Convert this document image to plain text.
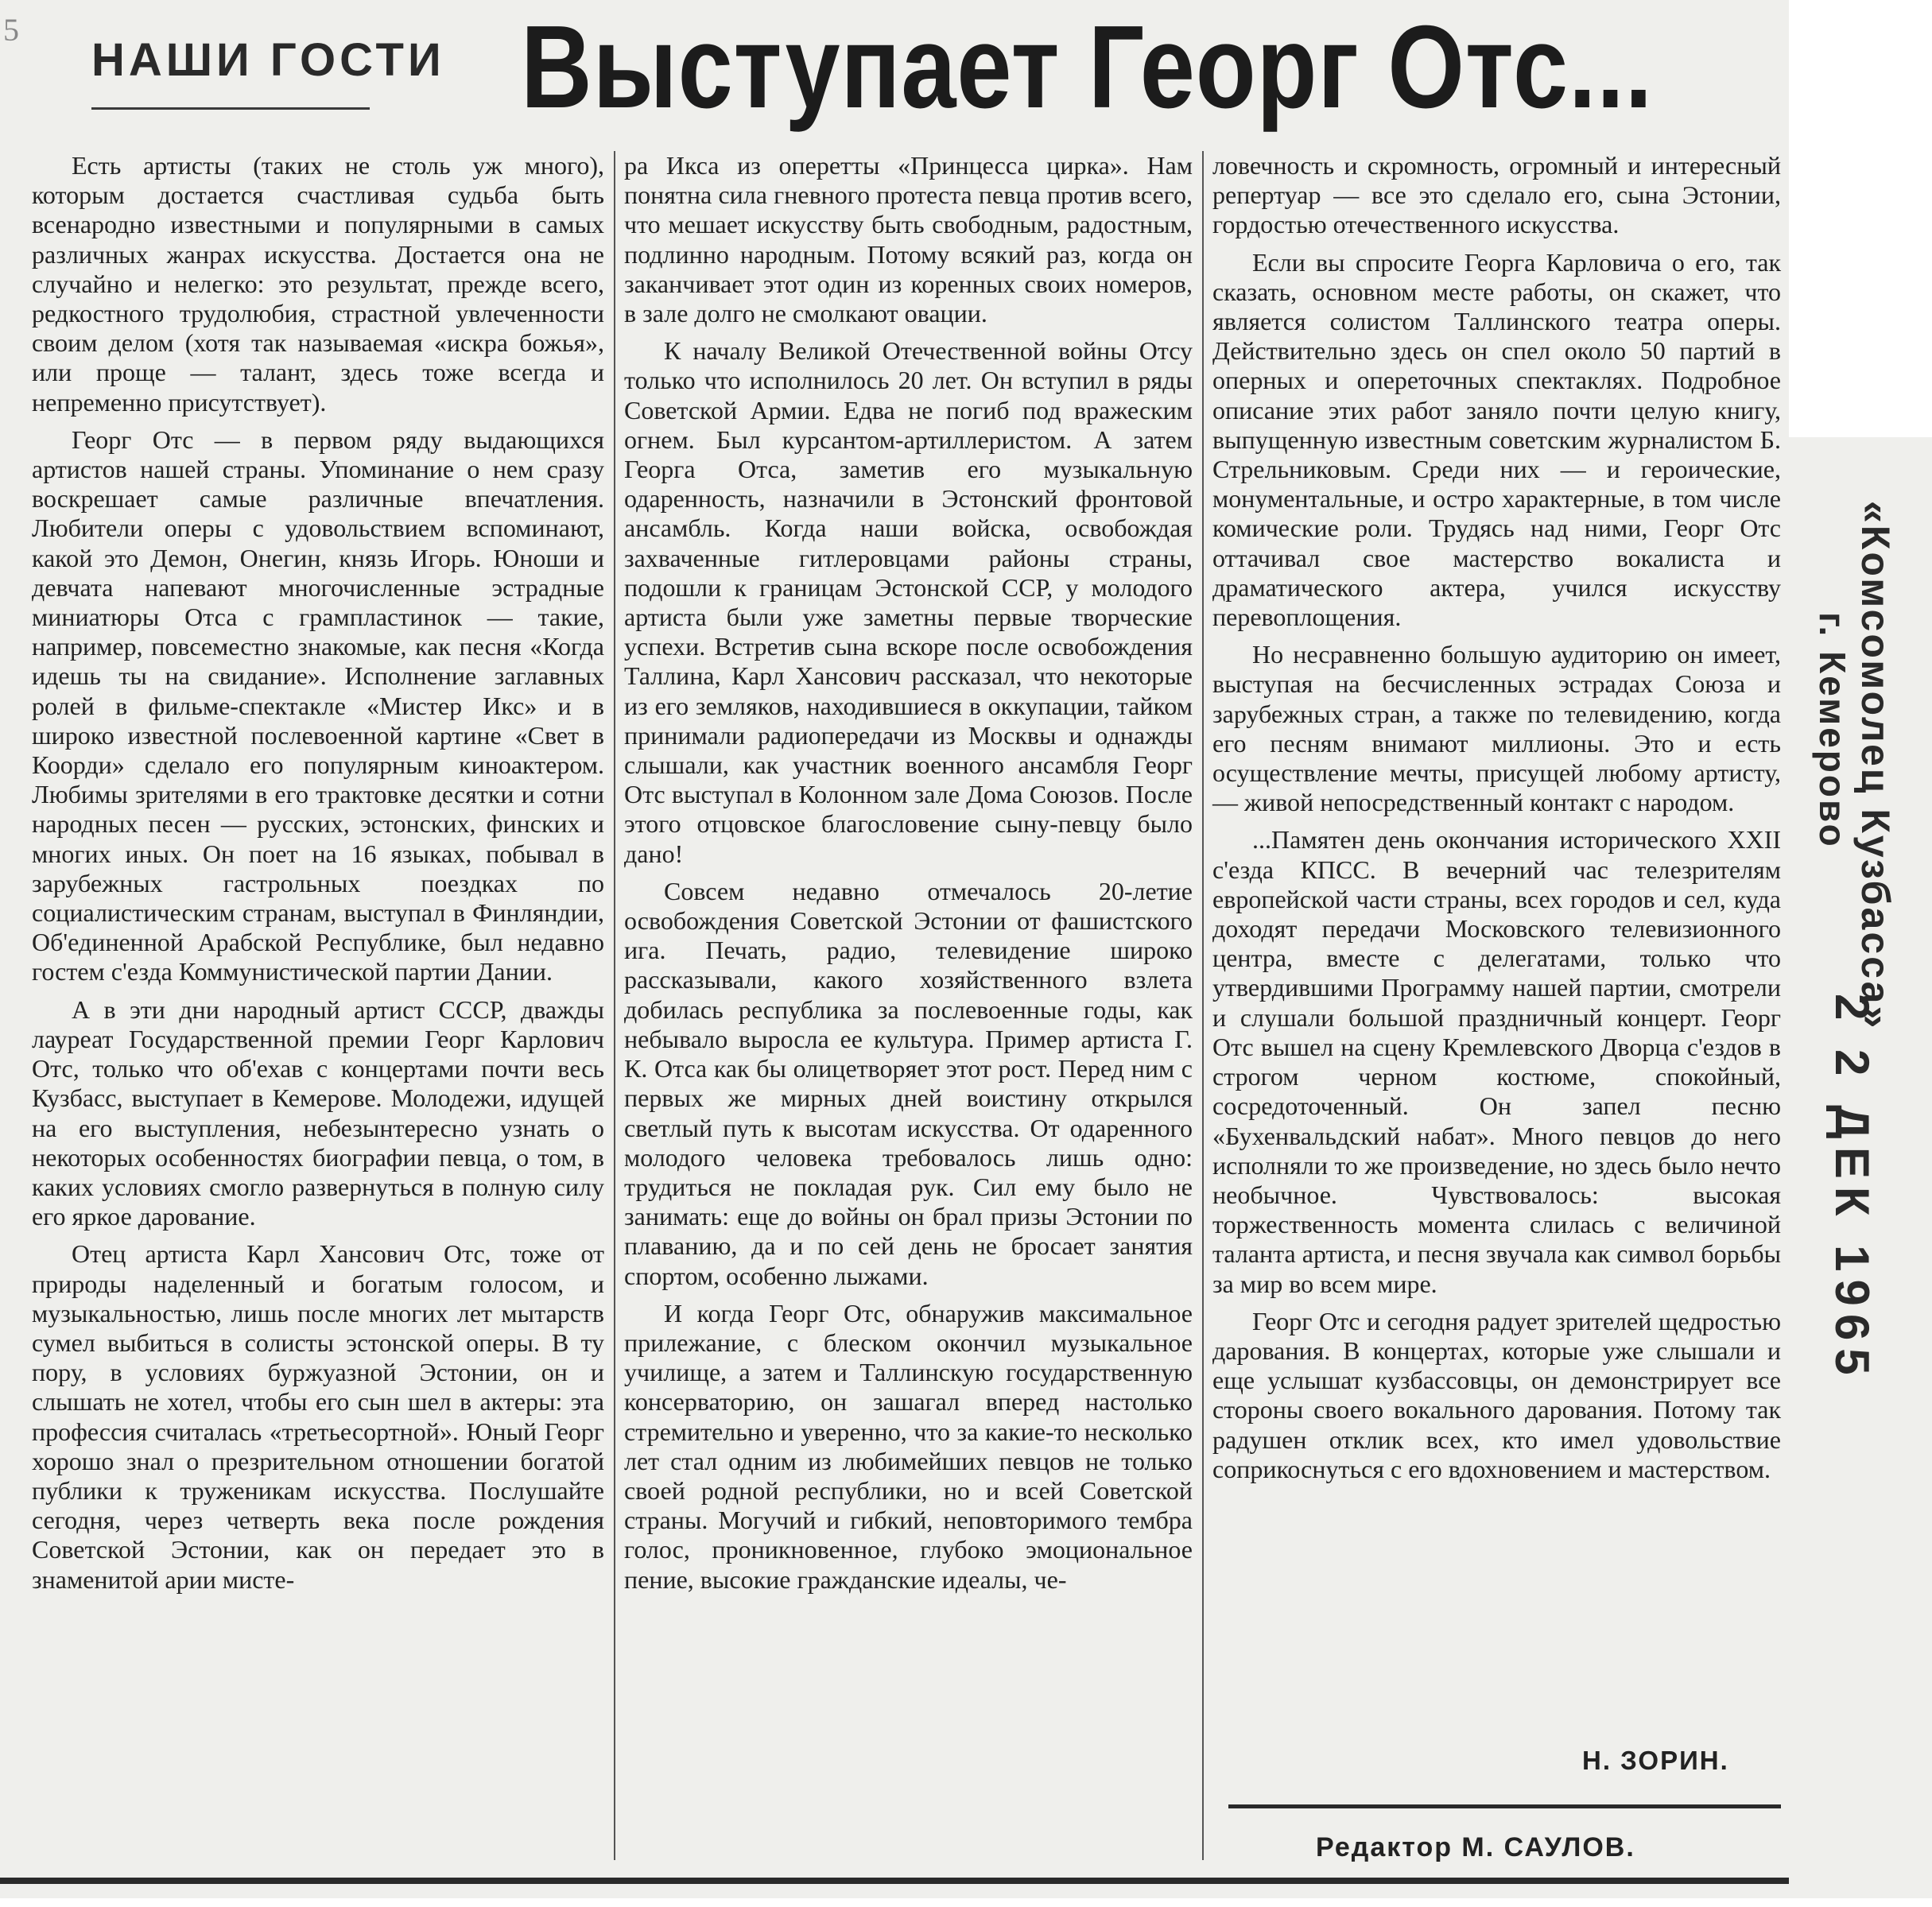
5
НАШИ ГОСТИ Выступает Георг Отс...

Есть артисты (таких не столь уж много), которым достается счастливая судьба быть всенародно известными и популярными в самых различных жанрах искусства. Достается она не случайно и нелегко: это результат, прежде всего, редкостного трудолюбия, страстной увлеченности своим делом (хотя так называемая «искра божья», или проще — талант, здесь тоже всегда и непременно присутствует).

Георг Отс — в первом ряду выдающихся артистов нашей страны. Упоминание о нем сразу воскрешает самые различные впечатления. Любители оперы с удовольствием вспоминают, какой это Демон, Онегин, князь Игорь. Юноши и девчата напевают многочисленные эстрадные миниатюры Отса с грампластинок — такие, например, повсеместно знакомые, как песня «Когда идешь ты на свидание». Исполнение заглавных ролей в фильме-спектакле «Мистер Икс» и в широко известной послевоенной картине «Свет в Коорди» сделало его популярным киноактером. Любимы зрителями в его трактовке десятки и сотни народных песен — русских, эстонских, финских и многих иных. Он поет на 16 языках, побывал в зарубежных гастрольных поездках по социалистическим странам, выступал в Финляндии, Об'единенной Арабской Республике, был недавно гостем с'езда Коммунистической партии Дании.

А в эти дни народный артист СССР, дважды лауреат Государственной премии Георг Карлович Отс, только что об'ехав с концертами почти весь Кузбасс, выступает в Кемерове. Молодежи, идущей на его выступления, небезынтересно узнать о некоторых особенностях биографии певца, о том, в каких условиях смогло развернуться в полную силу его яркое дарование.

Отец артиста Карл Хансович Отс, тоже от природы наделенный и богатым голосом, и музыкальностью, лишь после многих лет мытарств сумел выбиться в солисты эстонской оперы. В ту пору, в условиях буржуазной Эстонии, он и слышать не хотел, чтобы его сын шел в актеры: эта профессия считалась «третьесортной». Юный Георг хорошо знал о презрительном отношении богатой публики к труженикам искусства. Послушайте сегодня, через четверть века после рождения Советской Эстонии, как он передает это в знаменитой арии мисте-

ра Икса из оперетты «Принцесса цирка». Нам понятна сила гневного протеста певца против всего, что мешает искусству быть свободным, радостным, подлинно народным. Потому всякий раз, когда он заканчивает этот один из коренных своих номеров, в зале долго не смолкают овации.

К началу Великой Отечественной войны Отсу только что исполнилось 20 лет. Он вступил в ряды Советской Армии. Едва не погиб под вражеским огнем. Был курсантом-артиллеристом. А затем Георга Отса, заметив его музыкальную одаренность, назначили в Эстонский фронтовой ансамбль. Когда наши войска, освобождая захваченные гитлеровцами районы страны, подошли к границам Эстонской ССР, у молодого артиста были уже заметны первые творческие успехи. Встретив сына вскоре после освобождения Таллина, Карл Хансович рассказал, что некоторые из его земляков, находившиеся в оккупации, тайком принимали радиопередачи из Москвы и однажды слышали, как участник военного ансамбля Георг Отс выступал в Колонном зале Дома Союзов. После этого отцовское благословение сыну-певцу было дано!

Совсем недавно отмечалось 20-летие освобождения Советской Эстонии от фашистского ига. Печать, радио, телевидение широко рассказывали, какого хозяйственного взлета добилась республика за послевоенные годы, как небывало выросла ее культура. Пример артиста Г. К. Отса как бы олицетворяет этот рост. Перед ним с первых же мирных дней воистину открылся светлый путь к высотам искусства. От одаренного молодого человека требовалось лишь одно: трудиться не покладая рук. Сил ему было не занимать: еще до войны он брал призы Эстонии по плаванию, да и по сей день не бросает занятия спортом, особенно лыжами.

И когда Георг Отс, обнаружив максимальное прилежание, с блеском окончил музыкальное училище, а затем и Таллинскую государственную консерваторию, он зашагал вперед настолько стремительно и уверенно, что за какие-то несколько лет стал одним из любимейших певцов не только своей родной республики, но и всей Советской страны. Могучий и гибкий, неповторимого тембра голос, проникновенное, глубоко эмоциональное пение, высокие гражданские идеалы, че-

ловечность и скромность, огромный и интересный репертуар — все это сделало его, сына Эстонии, гордостью отечественного искусства.

Если вы спросите Георга Карловича о его, так сказать, основном месте работы, он скажет, что является солистом Таллинского театра оперы. Действительно здесь он спел около 50 партий в оперных и опереточных спектаклях. Подробное описание этих работ заняло почти целую книгу, выпущенную известным советским журналистом Б. Стрельниковым. Среди них — и героические, монументальные, и остро характерные, в том числе комические роли. Трудясь над ними, Георг Отс оттачивал свое мастерство вокалиста и драматического актера, учился искусству перевоплощения.

Но несравненно большую аудиторию он имеет, выступая на бесчисленных эстрадах Союза и зарубежных стран, а также по телевидению, когда его песням внимают миллионы. Это и есть осуществление мечты, присущей любому артисту, — живой непосредственный контакт с народом.

...Памятен день окончания исторического XXII с'езда КПСС. В вечерний час телезрителям европейской части страны, всех городов и сел, куда доходят передачи Московского телевизионного центра, вместе с делегатами, только что утвердившими Программу нашей партии, смотрели и слушали большой праздничный концерт. Георг Отс вышел на сцену Кремлевского Дворца с'ездов в строгом черном костюме, спокойный, сосредоточенный. Он запел песню «Бухенвальдский набат». Много певцов до него исполняли то же произведение, но здесь было нечто необычное. Чувствовалось: высокая торжественность момента слилась с величиной таланта артиста, и песня звучала как символ борьбы за мир во всем мире.

Георг Отс и сегодня радует зрителей щедростью дарования. В концертах, которые уже слышали и еще услышат кузбассовцы, он демонстрирует все стороны своего вокального дарования. Потому так радушен отклик всех, кто имел удовольствие соприкоснуться с его вдохновением и мастерством.

Н. ЗОРИН.
Редактор М. САУЛОВ.
«Комсомолец Кузбасса»
г. Кемерово
2 2 ДЕК 1965
